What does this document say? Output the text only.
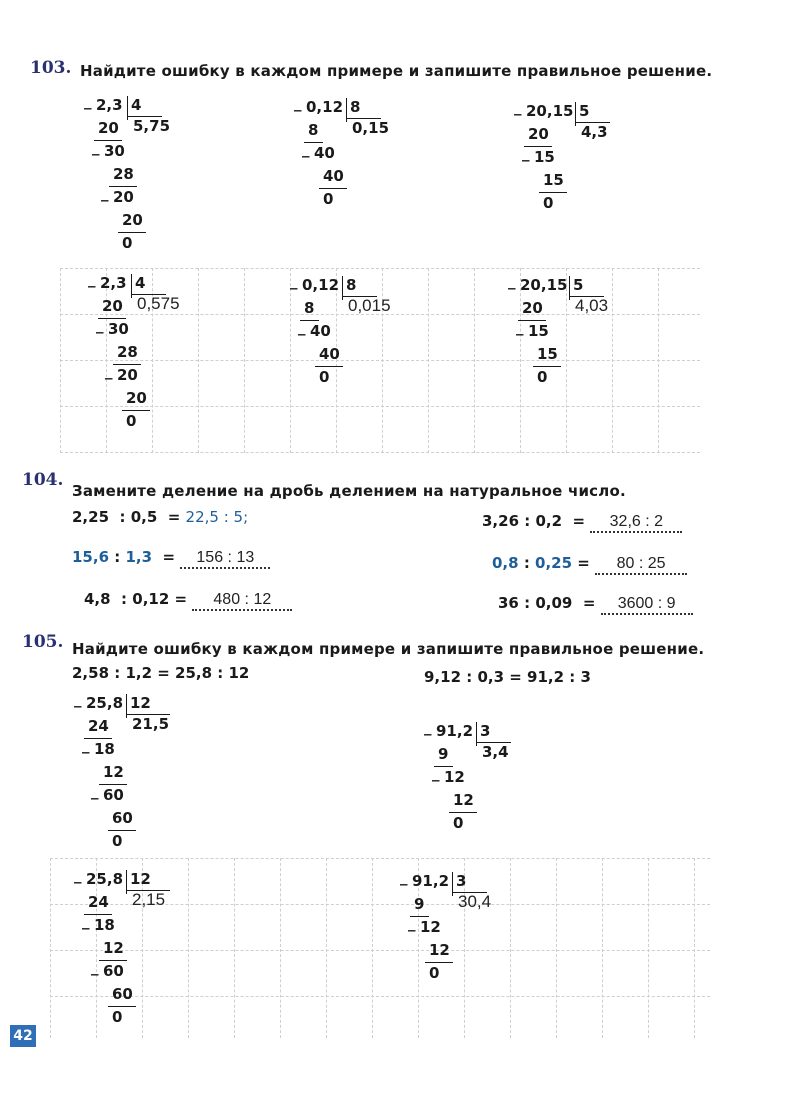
103. Найдите ошибку в каждом примере и запишите правильное решение.
104.
Замените деление на дробь делением на натуральное число.
2,25 : 0,5 = 22,5 : 5;
15,6 : 1,3 = 156 : 13
4,8 : 0,12 = 480 : 12
3,26 : 0,2 = 32,6 : 2
0,8 : 0,25 = 80 : 25
36 : 0,09 = 3600 : 9
105. Найдите ошибку в каждом примере и запишите правильное решение.
2,58 : 1,2 = 25,8 : 12	9,12 : 0,3 = 91,2 : 3
_ 2,3 4
5,75
20
30
_
28
20
_
20
0
_ 0,12 8
0,15
8
40
_
40
0
_ 20,15 5
4,3
20
15
_
15
0
_ 2,3 4
0,575
20
30
_
28
20
_
20
0
_ 0,12 8
0,015
8
40
_
40
0
_ 20,15 5
4,03
20
15
_
15
0
_ 25,8 12
21,5
24
18
_
12
60
_
60
0
_ 91,2 3
3,4
9
12
_
12
0
_ 25,8 12
2,15
24
18
_
12
60
_
60
0
_ 91,2 3
30,4
9
12
_
12
0
42
